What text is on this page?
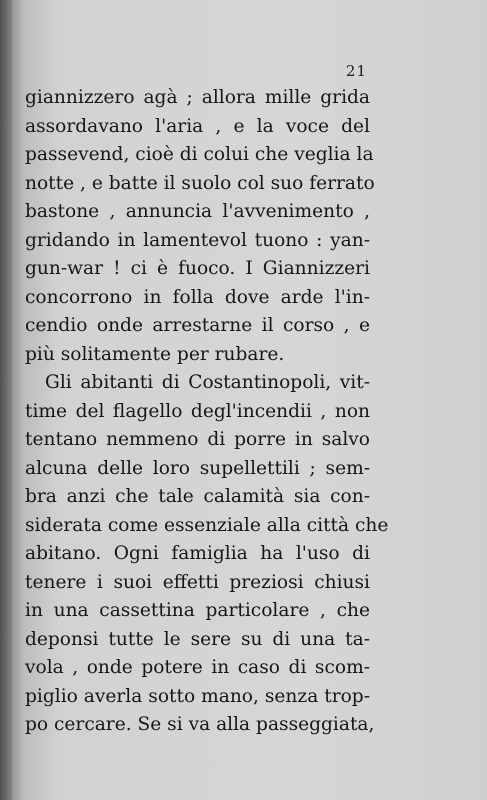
21
giannizzero agà ; allora mille grida
assordavano l'aria , e la voce del
passevend, cioè di colui che veglia la
notte , e batte il suolo col suo ferrato
bastone , annuncia l'avvenimento ,
gridando in lamentevol tuono : yan-
gun-war ! ci è fuoco. I Giannizzeri
concorrono in folla dove arde l'in-
cendio onde arrestarne il corso , e
più solitamente per rubare.
Gli abitanti di Costantinopoli, vit-
time del flagello degl'incendii , non
tentano nemmeno di porre in salvo
alcuna delle loro supellettili ; sem-
bra anzi che tale calamità sia con-
siderata come essenziale alla città che
abitano. Ogni famiglia ha l'uso di
tenere i suoi effetti preziosi chiusi
in una cassettina particolare , che
deponsi tutte le sere su di una ta-
vola , onde potere in caso di scom-
piglio averla sotto mano, senza trop-
po cercare. Se si va alla passeggiata,
